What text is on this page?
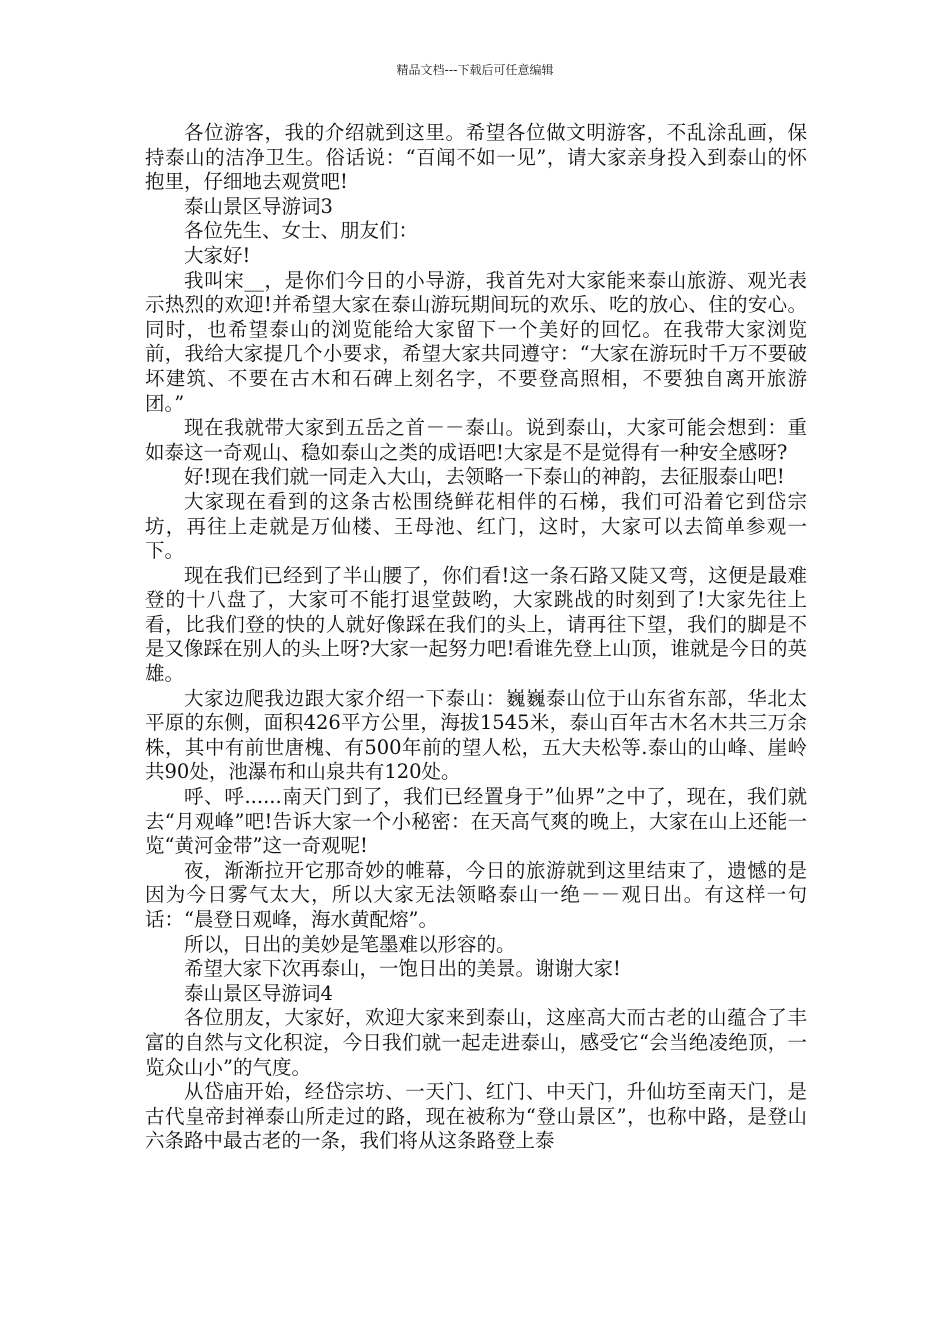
精品文档---下载后可任意编辑

各位游客，我的介绍就到这里。希望各位做文明游客，不乱涂乱画，保持泰山的洁净卫生。俗话说：“百闻不如一见”，请大家亲身投入到泰山的怀抱里，仔细地去观赏吧!

泰山景区导游词3

各位先生、女士、朋友们：

大家好!

我叫宋__，是你们今日的小导游，我首先对大家能来泰山旅游、观光表示热烈的欢迎!并希望大家在泰山游玩期间玩的欢乐、吃的放心、住的安心。同时，也希望泰山的浏览能给大家留下一个美好的回忆。在我带大家浏览前，我给大家提几个小要求，希望大家共同遵守：“大家在游玩时千万不要破坏建筑、不要在古木和石碑上刻名字，不要登高照相，不要独自离开旅游团。”

现在我就带大家到五岳之首－－泰山。说到泰山，大家可能会想到：重如泰这一奇观山、稳如泰山之类的成语吧!大家是不是觉得有一种安全感呀?

好!现在我们就一同走入大山，去领略一下泰山的神韵，去征服泰山吧!

大家现在看到的这条古松围绕鲜花相伴的石梯，我们可沿着它到岱宗坊，再往上走就是万仙楼、王母池、红门，这时，大家可以去简单参观一下。

现在我们已经到了半山腰了，你们看!这一条石路又陡又弯，这便是最难登的十八盘了，大家可不能打退堂鼓哟，大家跳战的时刻到了!大家先往上看，比我们登的快的人就好像踩在我们的头上，请再往下望，我们的脚是不是又像踩在别人的头上呀?大家一起努力吧!看谁先登上山顶，谁就是今日的英雄。

大家边爬我边跟大家介绍一下泰山：巍巍泰山位于山东省东部，华北太平原的东侧，面积426平方公里，海拔1545米，泰山百年古木名木共三万余株，其中有前世唐槐、有500年前的望人松，五大夫松等.泰山的山峰、崖岭共90处，池瀑布和山泉共有120处。

呼、呼......南天门到了，我们已经置身于”仙界”之中了，现在，我们就去“月观峰”吧!告诉大家一个小秘密：在天高气爽的晚上，大家在山上还能一览“黄河金带”这一奇观呢!

夜，渐渐拉开它那奇妙的帷幕，今日的旅游就到这里结束了，遗憾的是因为今日雾气太大，所以大家无法领略泰山一绝－－观日出。有这样一句话：“晨登日观峰，海水黄配熔”。

所以，日出的美妙是笔墨难以形容的。

希望大家下次再泰山，一饱日出的美景。谢谢大家!

泰山景区导游词4

各位朋友，大家好，欢迎大家来到泰山，这座高大而古老的山蕴合了丰富的自然与文化积淀，今日我们就一起走进泰山，感受它“会当绝凌绝顶，一览众山小”的气度。

从岱庙开始，经岱宗坊、一天门、红门、中天门，升仙坊至南天门，是古代皇帝封禅泰山所走过的路，现在被称为“登山景区”，也称中路，是登山六条路中最古老的一条，我们将从这条路登上泰
